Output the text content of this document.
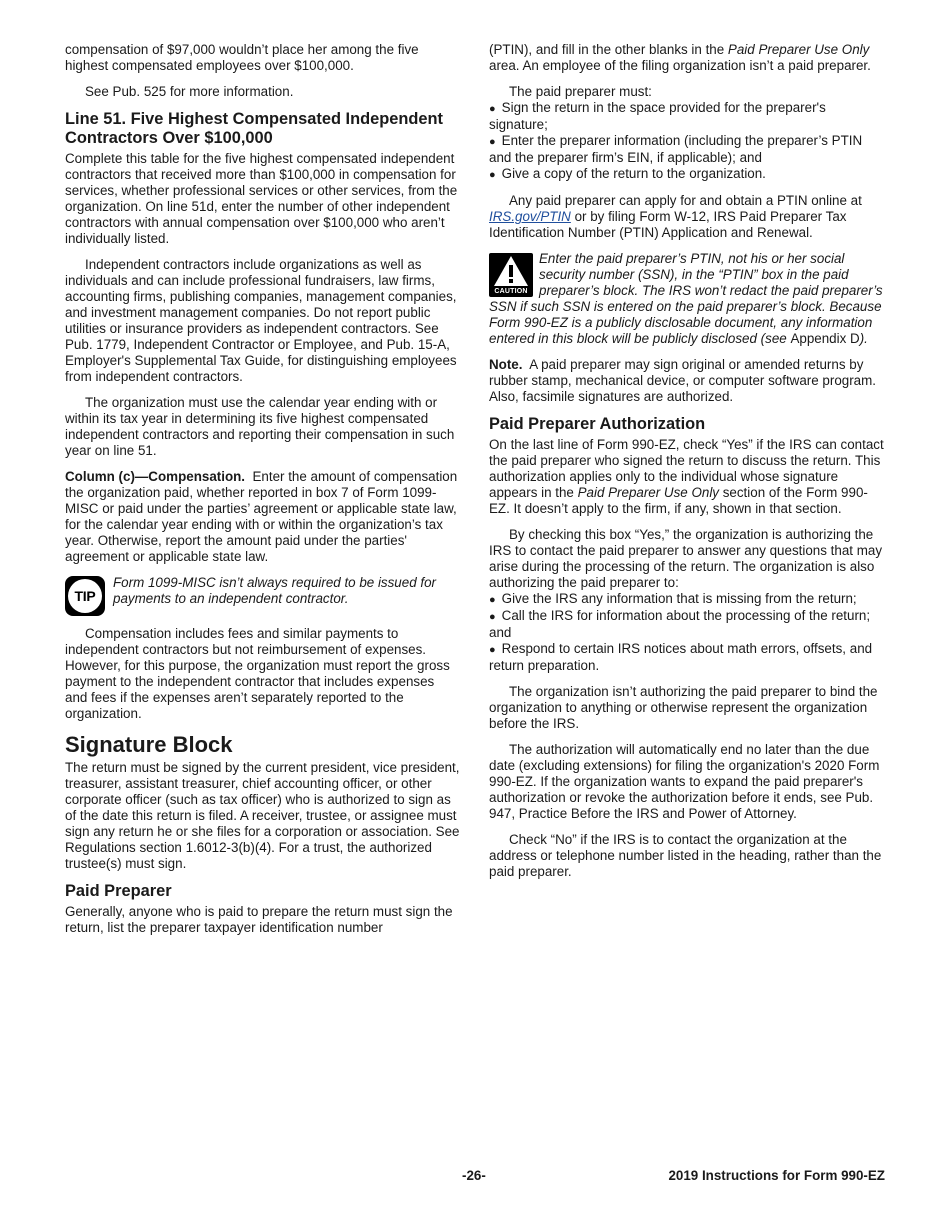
compensation of $97,000 wouldn’t place her among the five highest compensated employees over $100,000.

See Pub. 525 for more information.

Line 51. Five Highest Compensated Independent Contractors Over $100,000

Complete this table for the five highest compensated independent contractors that received more than $100,000 in compensation for services, whether professional services or other services, from the organization. On line 51d, enter the number of other independent contractors with annual compensation over $100,000 who aren’t individually listed.

Independent contractors include organizations as well as individuals and can include professional fundraisers, law firms, accounting firms, publishing companies, management companies, and investment management companies. Do not report public utilities or insurance providers as independent contractors. See Pub. 1779, Independent Contractor or Employee, and Pub. 15-A, Employer's Supplemental Tax Guide, for distinguishing employees from independent contractors.

The organization must use the calendar year ending with or within its tax year in determining its five highest compensated independent contractors and reporting their compensation in such year on line 51.

Column (c)—Compensation. Enter the amount of compensation the organization paid, whether reported in box 7 of Form 1099-MISC or paid under the parties’ agreement or applicable state law, for the calendar year ending with or within the organization’s tax year. Otherwise, report the amount paid under the parties' agreement or applicable state law.

TIP
Form 1099-MISC isn’t always required to be issued for payments to an independent contractor.

Compensation includes fees and similar payments to independent contractors but not reimbursement of expenses. However, for this purpose, the organization must report the gross payment to the independent contractor that includes expenses and fees if the expenses aren’t separately reported to the organization.

Signature Block

The return must be signed by the current president, vice president, treasurer, assistant treasurer, chief accounting officer, or other corporate officer (such as tax officer) who is authorized to sign as of the date this return is filed. A receiver, trustee, or assignee must sign any return he or she files for a corporation or association. See Regulations section 1.6012-3(b)(4). For a trust, the authorized trustee(s) must sign.

Paid Preparer

Generally, anyone who is paid to prepare the return must sign the return, list the preparer taxpayer identification number

(PTIN), and fill in the other blanks in the Paid Preparer Use Only area. An employee of the filing organization isn’t a paid preparer.

The paid preparer must:

● Sign the return in the space provided for the preparer's signature;
● Enter the preparer information (including the preparer’s PTIN and the preparer firm’s EIN, if applicable); and
● Give a copy of the return to the organization.

Any paid preparer can apply for and obtain a PTIN online at IRS.gov/PTIN or by filing Form W-12, IRS Paid Preparer Tax Identification Number (PTIN) Application and Renewal.

CAUTION
Enter the paid preparer’s PTIN, not his or her social security number (SSN), in the “PTIN” box in the paid preparer’s block. The IRS won’t redact the paid preparer’s SSN if such SSN is entered on the paid preparer’s block. Because Form 990-EZ is a publicly disclosable document, any information entered in this block will be publicly disclosed (see Appendix D).

Note. A paid preparer may sign original or amended returns by rubber stamp, mechanical device, or computer software program. Also, facsimile signatures are authorized.

Paid Preparer Authorization

On the last line of Form 990-EZ, check “Yes” if the IRS can contact the paid preparer who signed the return to discuss the return. This authorization applies only to the individual whose signature appears in the Paid Preparer Use Only section of the Form 990-EZ. It doesn’t apply to the firm, if any, shown in that section.

By checking this box “Yes,” the organization is authorizing the IRS to contact the paid preparer to answer any questions that may arise during the processing of the return. The organization is also authorizing the paid preparer to:

● Give the IRS any information that is missing from the return;
● Call the IRS for information about the processing of the return; and
● Respond to certain IRS notices about math errors, offsets, and return preparation.

The organization isn’t authorizing the paid preparer to bind the organization to anything or otherwise represent the organization before the IRS.

The authorization will automatically end no later than the due date (excluding extensions) for filing the organization's 2020 Form 990-EZ. If the organization wants to expand the paid preparer's authorization or revoke the authorization before it ends, see Pub. 947, Practice Before the IRS and Power of Attorney.

Check “No” if the IRS is to contact the organization at the address or telephone number listed in the heading, rather than the paid preparer.

-26-	2019 Instructions for Form 990-EZ
